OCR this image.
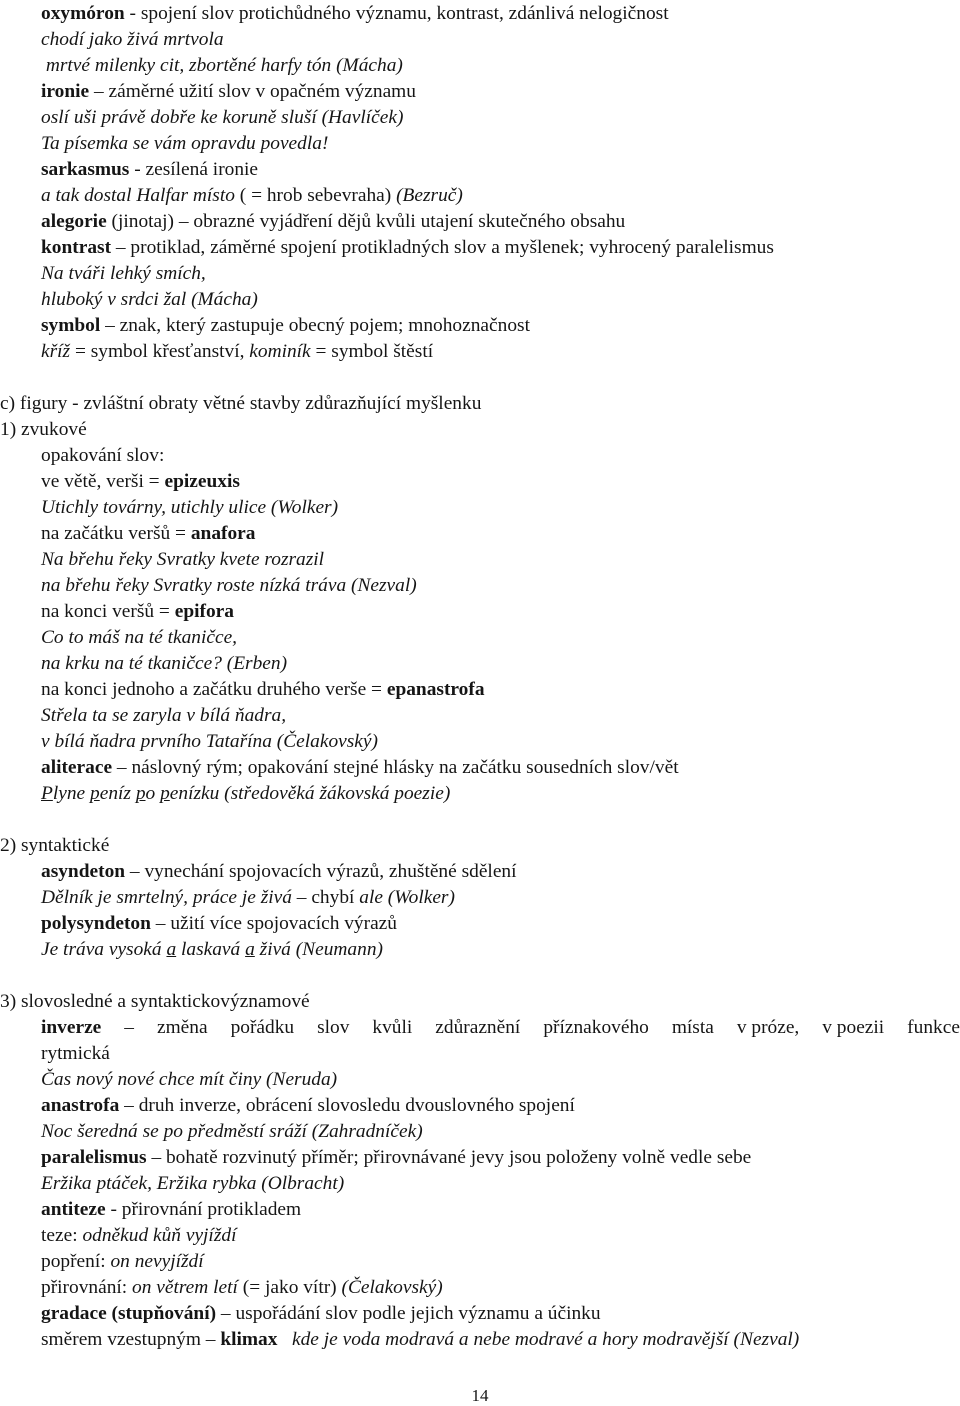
oxymóron - spojení slov protichůdného významu, kontrast, zdánlivá nelogičnost
chodí jako živá mrtvola
mrtvé milenky cit, zbortěné harfy tón (Mácha)
ironie – záměrné užití slov v opačném významu
oslí uši právě dobře ke koruně sluší (Havlíček)
Ta písemka se vám opravdu povedla!
sarkasmus - zesílená ironie
a tak dostal Halfar místo ( = hrob sebevraha) (Bezruč)
alegorie (jinotaj) – obrazné vyjádření dějů kvůli utajení skutečného obsahu
kontrast – protiklad, záměrné spojení protikladných slov a myšlenek; vyhrocený paralelismus
Na tváři lehký smích,
hluboký v srdci žal (Mácha)
symbol – znak, který zastupuje obecný pojem; mnohoznačnost
kříž = symbol křesťanství, kominík = symbol štěstí
c) figury - zvláštní obraty větné stavby zdůrazňující myšlenku
1) zvukové
opakování slov:
ve větě, verši = epizeuxis
Utichly továrny, utichly ulice (Wolker)
na začátku veršů = anafora
Na břehu řeky Svratky kvete rozrazil
na břehu řeky Svratky roste nízká tráva (Nezval)
na konci veršů = epifora
Co to máš na té tkaničce,
na krku na té tkaničce? (Erben)
na konci jednoho a začátku druhého verše = epanastrofa
Střela ta se zaryla v bílá ňadra,
v bílá ňadra prvního Tatařína (Čelakovský)
aliterace – náslovný rým; opakování stejné hlásky na začátku sousedních slov/vět
Plyne peníz po penízku (středověká žákovská poezie)
2) syntaktické
asyndeton – vynechání spojovacích výrazů, zhuštěné sdělení
Dělník je smrtelný, práce je živá – chybí ale (Wolker)
polysyndeton – užití více spojovacích výrazů
Je tráva vysoká a laskavá a živá (Neumann)
3) slovosledné a syntaktickovýznamové
inverze – změna pořádku slov kvůli zdůraznění příznakového místa v próze, v poezii funkce
rytmická
Čas nový nové chce mít činy (Neruda)
anastrofa – druh inverze, obrácení slovosledu dvouslovného spojení
Noc šeredná se po předměstí sráží (Zahradníček)
paralelismus – bohatě rozvinutý příměr; přirovnávané jevy jsou položeny volně vedle sebe
Eržika ptáček, Eržika rybka (Olbracht)
antiteze - přirovnání protikladem
teze: odněkud kůň vyjíždí
popření: on nevyjíždí
přirovnání: on větrem letí (= jako vítr) (Čelakovský)
gradace (stupňování) – uspořádání slov podle jejich významu a účinku
směrem vzestupným – klimax kde je voda modravá a nebe modravé a hory modravější (Nezval)
14
